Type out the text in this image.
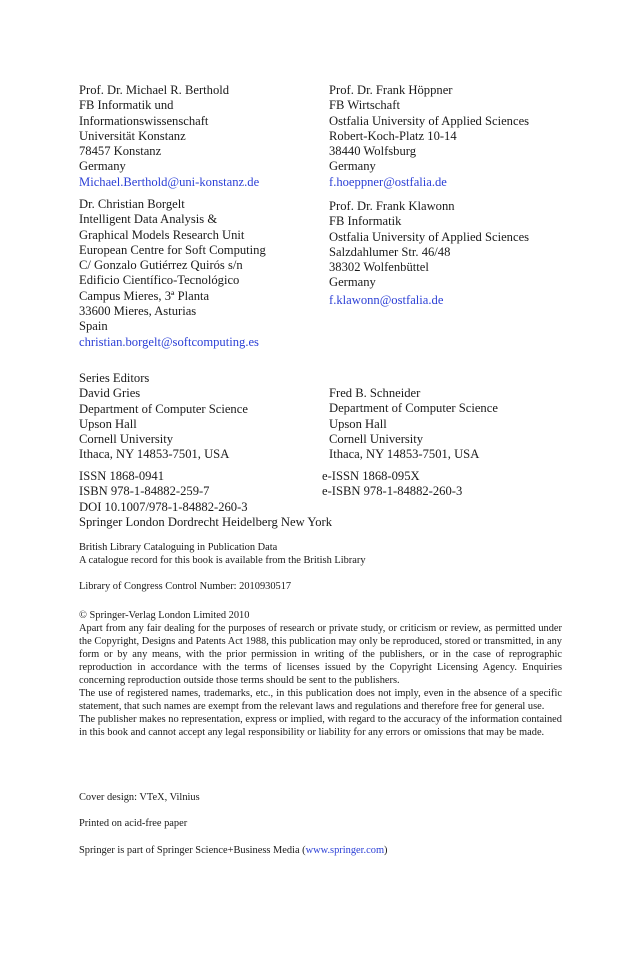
Prof. Dr. Michael R. Berthold
FB Informatik und
Informationswissenschaft
Universität Konstanz
78457 Konstanz
Germany
Michael.Berthold@uni-konstanz.de
Prof. Dr. Frank Höppner
FB Wirtschaft
Ostfalia University of Applied Sciences
Robert-Koch-Platz 10-14
38440 Wolfsburg
Germany
f.hoeppner@ostfalia.de
Dr. Christian Borgelt
Intelligent Data Analysis &
Graphical Models Research Unit
European Centre for Soft Computing
C/ Gonzalo Gutiérrez Quirós s/n
Edificio Científico-Tecnológico
Campus Mieres, 3ª Planta
33600 Mieres, Asturias
Spain
christian.borgelt@softcomputing.es
Prof. Dr. Frank Klawonn
FB Informatik
Ostfalia University of Applied Sciences
Salzdahlumer Str. 46/48
38302 Wolfenbüttel
Germany
f.klawonn@ostfalia.de
Series Editors
David Gries
Department of Computer Science
Upson Hall
Cornell University
Ithaca, NY 14853-7501, USA
Fred B. Schneider
Department of Computer Science
Upson Hall
Cornell University
Ithaca, NY 14853-7501, USA
ISSN 1868-0941
ISBN 978-1-84882-259-7
DOI 10.1007/978-1-84882-260-3
Springer London Dordrecht Heidelberg New York
e-ISSN 1868-095X
e-ISBN 978-1-84882-260-3
British Library Cataloguing in Publication Data
A catalogue record for this book is available from the British Library
Library of Congress Control Number: 2010930517

© Springer-Verlag London Limited 2010

Apart from any fair dealing for the purposes of research or private study, or criticism or review, as permitted under the Copyright, Designs and Patents Act 1988, this publication may only be reproduced, stored or transmitted, in any form or by any means, with the prior permission in writing of the publishers, or in the case of reprographic reproduction in accordance with the terms of licenses issued by the Copyright Licensing Agency. Enquiries concerning reproduction outside those terms should be sent to the publishers.

The use of registered names, trademarks, etc., in this publication does not imply, even in the absence of a specific statement, that such names are exempt from the relevant laws and regulations and therefore free for general use.

The publisher makes no representation, express or implied, with regard to the accuracy of the information contained in this book and cannot accept any legal responsibility or liability for any errors or omissions that may be made.

Cover design: VTeX, Vilnius
Printed on acid-free paper
Springer is part of Springer Science+Business Media (www.springer.com)
